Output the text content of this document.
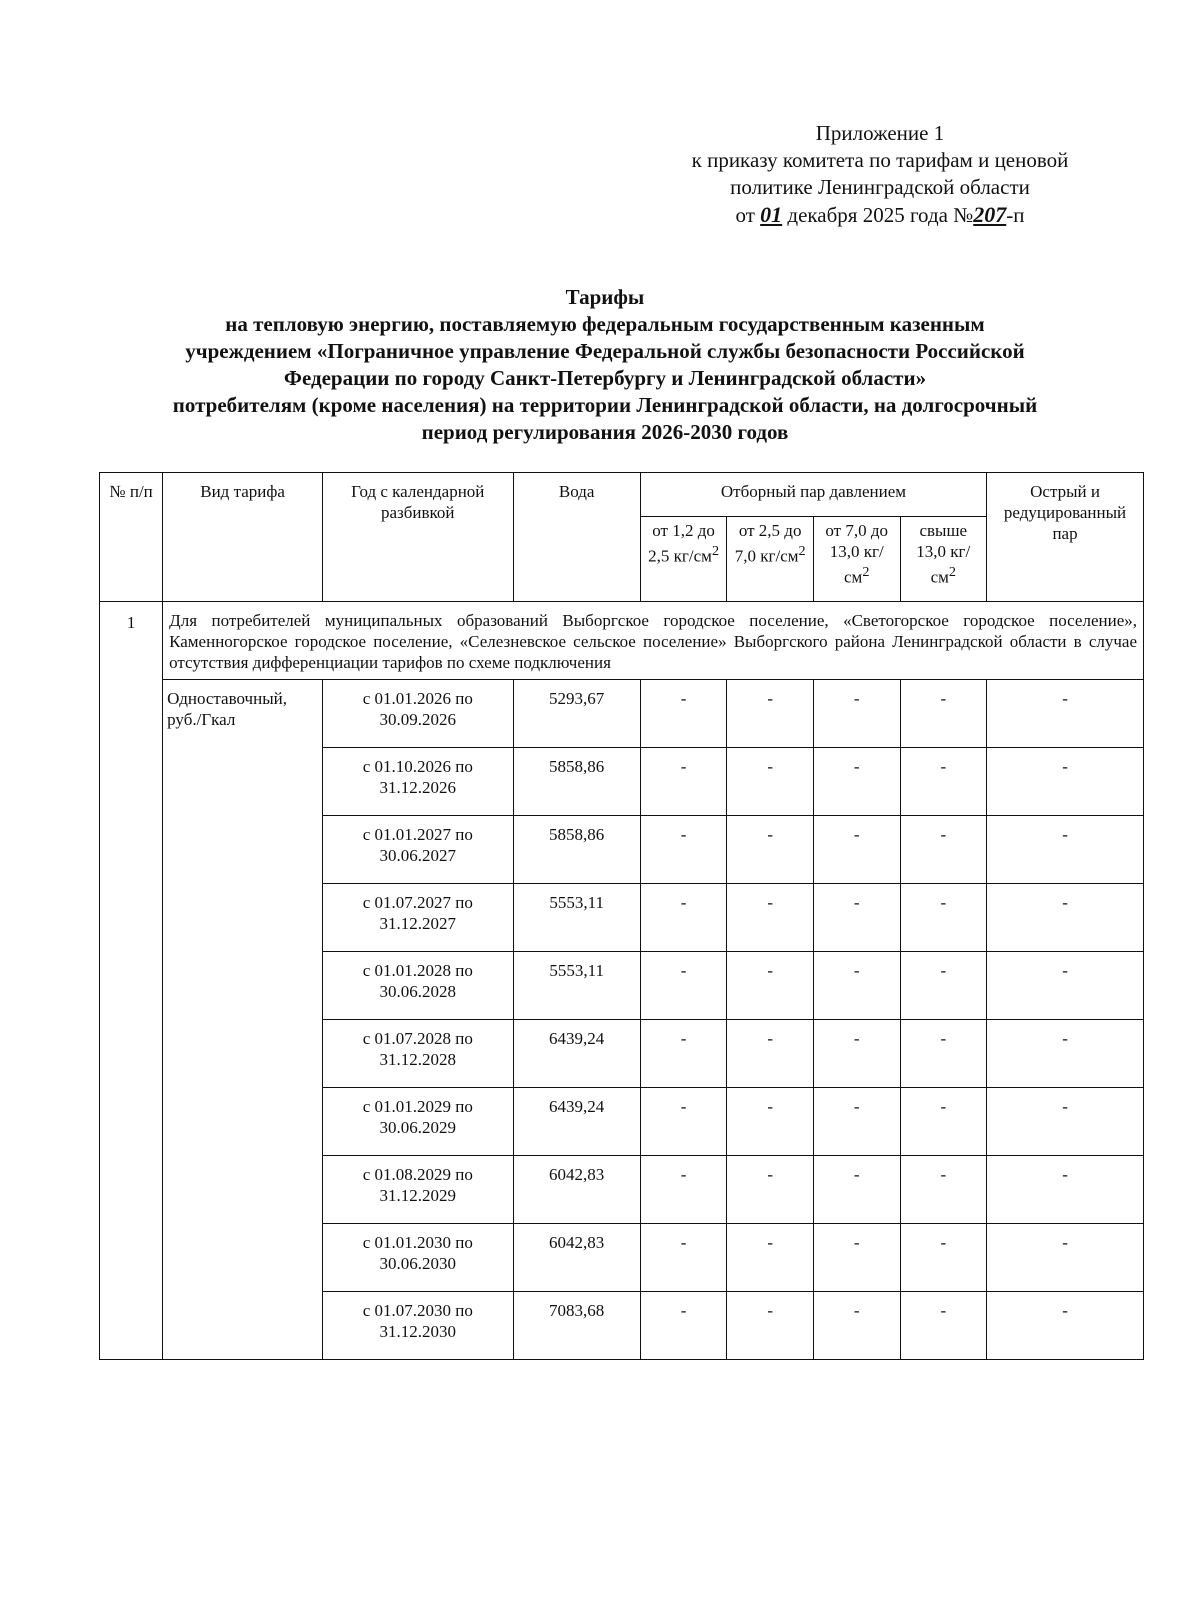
Приложение 1
к приказу комитета по тарифам и ценовой
политике Ленинградской области
от 01 декабря 2025 года №207-п
Тарифы
на тепловую энергию, поставляемую федеральным государственным казенным
учреждением «Пограничное управление Федеральной службы безопасности Российской
Федерации по городу Санкт-Петербургу и Ленинградской области»
потребителям (кроме населения) на территории Ленинградской области, на долгосрочный
период регулирования 2026-2030 годов
№ п/п	Вид тарифа	Год с календарной разбивкой	Вода	Отборный пар давлением				Острый и редуцированный пар
				от 1,2 до 2,5 $кг/см^2$	от 2,5 до 7,0 $кг/см^2$	от 7,0 до 13,0 $кг/см^2$	свыше 13,0 $кг/см^2$
1	Для потребителей муниципальных образований Выборгское городское поселение, «Светогорское городское поселение», Каменногорское городское поселение, «Селезневское сельское поселение» Выборгского района Ленинградской области в случае отсутствия дифференциации тарифов по схеме подключения							
	Одноставочный, руб./Гкал	с 01.01.2026 по 30.09.2026	5293,67	-	-	-	-	-
		с 01.10.2026 по 31.12.2026	5858,86	-	-	-	-	-
		с 01.01.2027 по 30.06.2027	5858,86	-	-	-	-	-
		с 01.07.2027 по 31.12.2027	5553,11	-	-	-	-	-
		с 01.01.2028 по 30.06.2028	5553,11	-	-	-	-	-
		с 01.07.2028 по 31.12.2028	6439,24	-	-	-	-	-
		с 01.01.2029 по 30.06.2029	6439,24	-	-	-	-	-
		с 01.08.2029 по 31.12.2029	6042,83	-	-	-	-	-
		с 01.01.2030 по 30.06.2030	6042,83	-	-	-	-	-
		с 01.07.2030 по 31.12.2030	7083,68	-	-	-	-	-
